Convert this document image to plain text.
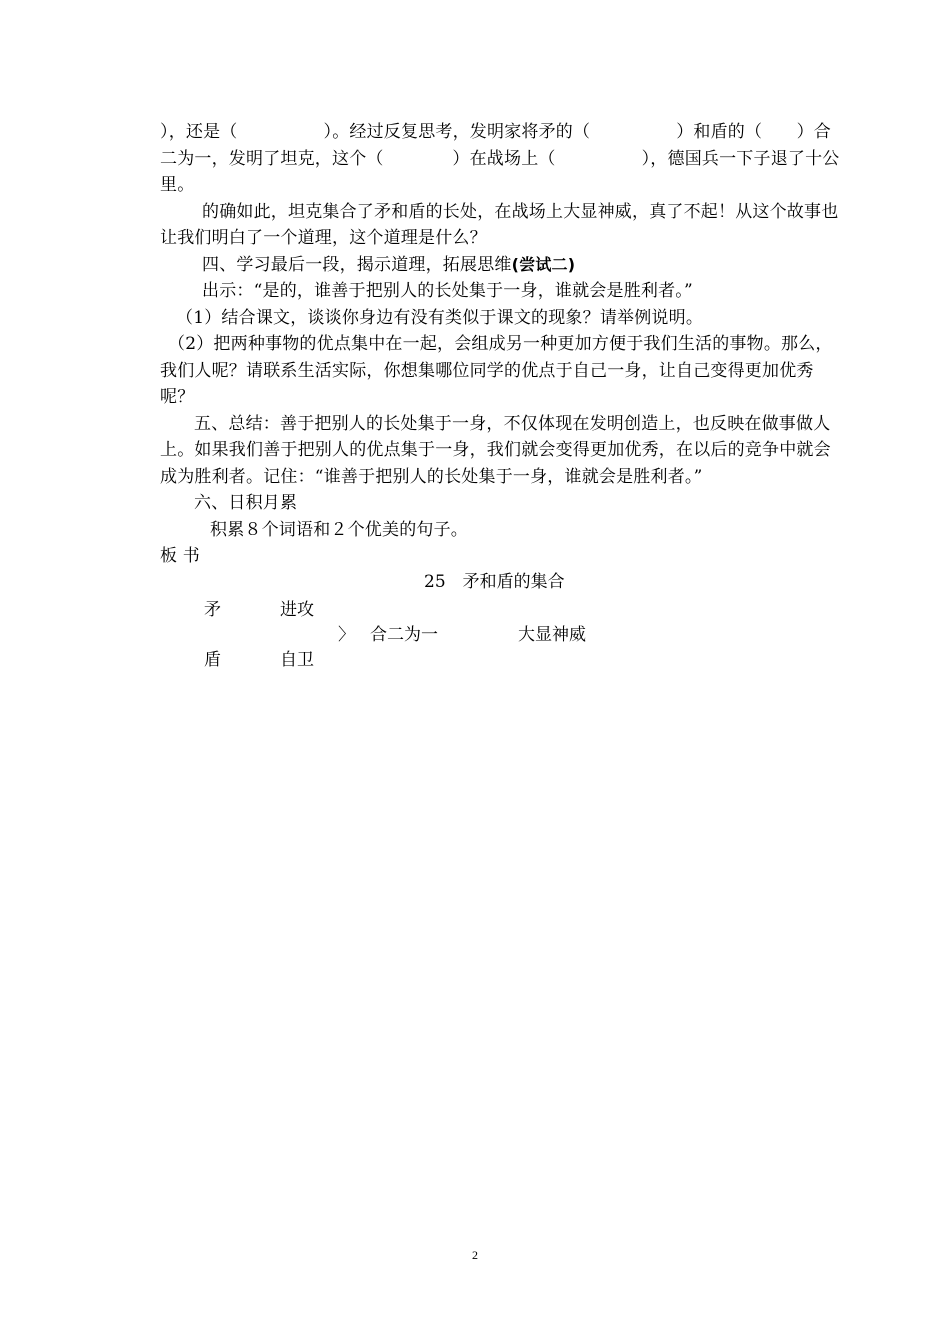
），还是（　　　　　）。经过反复思考，发明家将矛的（　　　　　）和盾的（　　）合二为一，发明了坦克，这个（　　　　）在战场上（　　　　　），德国兵一下子退了十公里。

的确如此，坦克集合了矛和盾的长处，在战场上大显神威，真了不起！从这个故事也让我们明白了一个道理，这个道理是什么？

四、学习最后一段，揭示道理，拓展思维(尝试二)

出示：“是的，谁善于把别人的长处集于一身，谁就会是胜利者。”

（1）结合课文，谈谈你身边有没有类似于课文的现象？请举例说明。

（2）把两种事物的优点集中在一起，会组成另一种更加方便于我们生活的事物。那么，我们人呢？请联系生活实际，你想集哪位同学的优点于自己一身，让自己变得更加优秀呢？

五、总结：善于把别人的长处集于一身，不仅体现在发明创造上，也反映在做事做人上。如果我们善于把别人的优点集于一身，我们就会变得更加优秀，在以后的竞争中就会成为胜利者。记住：“谁善于把别人的长处集于一身，谁就会是胜利者。”

六、日积月累

积累８个词语和２个优美的句子。

板 书

25　矛和盾的集合
矛	进攻
〉 合二为一	大显神威
盾	自卫
2
